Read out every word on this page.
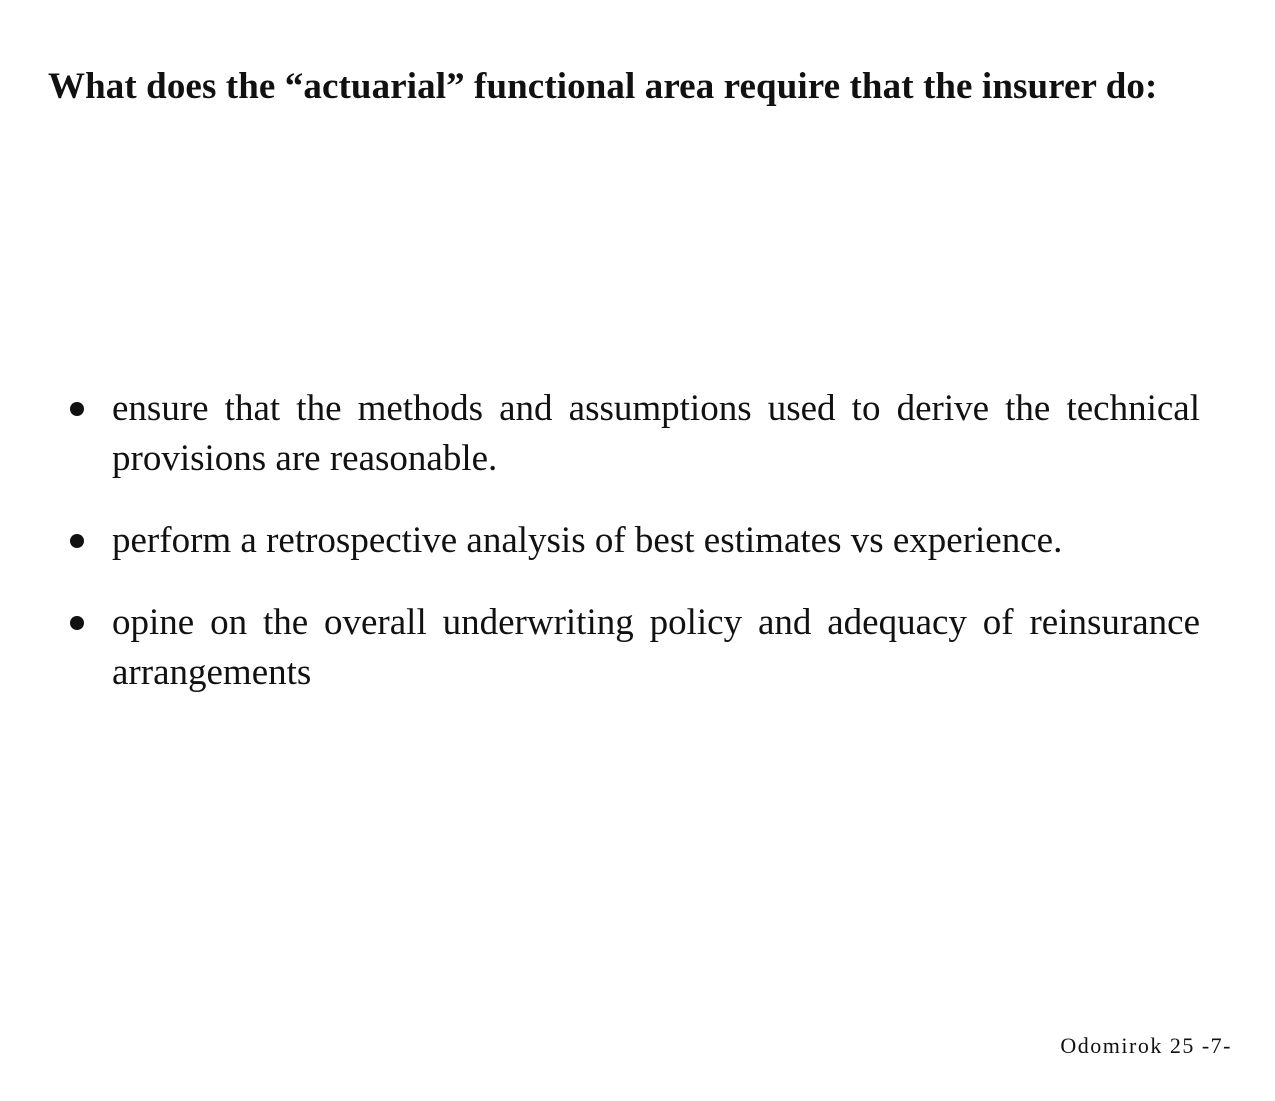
What does the “actuarial” functional area require that the insurer do:
ensure that the methods and assumptions used to derive the technical provisions are reasonable.
perform a retrospective analysis of best estimates vs experience.
opine on the overall underwriting policy and adequacy of reinsurance arrangements
Odomirok 25 -7-
